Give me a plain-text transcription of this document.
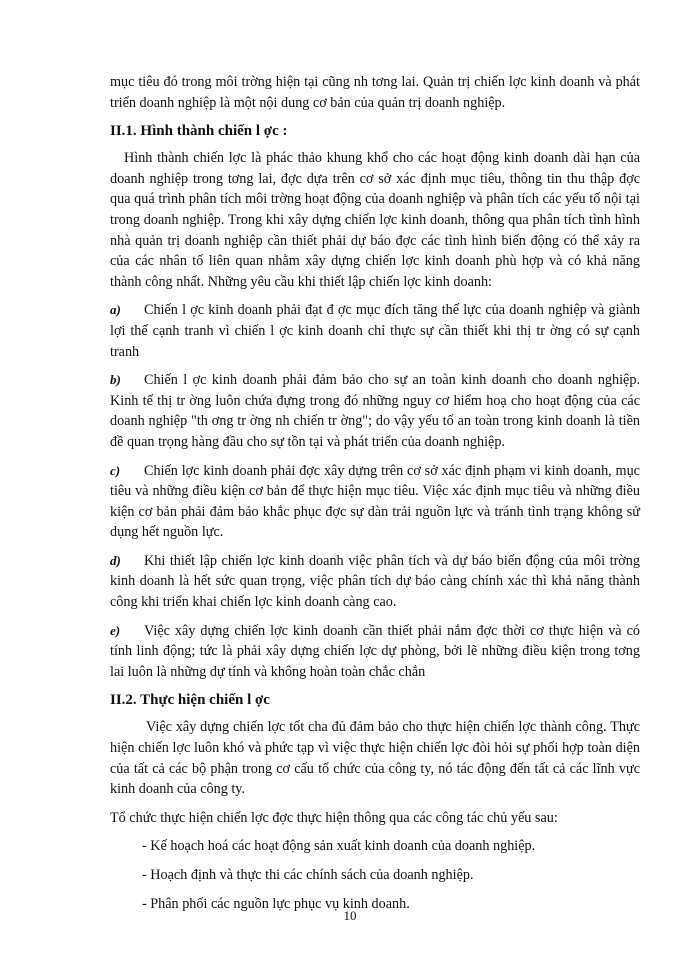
mục tiêu đó trong môi trờng hiện tại cũng nh tơng lai. Quản trị chiến lợc kinh doanh và phát triển doanh nghiệp là một nội dung cơ bản của quản trị doanh nghiệp.

II.1. Hình thành chiến l ợc :

Hình thành chiến lợc là phác thảo khung khổ cho các hoạt động kinh doanh dài hạn của doanh nghiệp trong tơng lai, đợc dựa trên cơ sở xác định mục tiêu, thông tin thu thập đợc qua quá trình phân tích môi trờng hoạt động của doanh nghiệp và phân tích các yếu tố nội tại trong doanh nghiệp. Trong khi xây dựng chiến lợc kinh doanh, thông qua phân tích tình hình nhà quản trị doanh nghiệp cần thiết phải dự báo đợc các tình hình biến động có thể xảy ra của các nhân tố liên quan nhằm xây dựng chiến lợc kinh doanh phù hợp và có khả năng thành công nhất. Những yêu cầu khi thiết lập chiến lợc kinh doanh:

a) Chiến l ợc kinh doanh phải đạt đ ợc mục đích tăng thế lực của doanh nghiệp và giành lợi thế cạnh tranh vì chiến l ợc kinh doanh chỉ thực sự cần thiết khi thị tr ờng có sự cạnh tranh
b) Chiến l ợc kinh doanh phải đảm bảo cho sự an toàn kinh doanh cho doanh nghiệp. Kinh tế thị tr ờng luôn chứa đựng trong đó những nguy cơ hiểm hoạ cho hoạt động của các doanh nghiệp "th ơng tr ờng nh chiến tr ờng"; do vậy yếu tố an toàn trong kinh doanh là tiền đề quan trọng hàng đầu cho sự tồn tại và phát triển của doanh nghiệp.
c) Chiến lợc kinh doanh phải đợc xây dựng trên cơ sở xác định phạm vi kinh doanh, mục tiêu và những điều kiện cơ bản để thực hiện mục tiêu. Việc xác định mục tiêu và những điều kiện cơ bản phải đảm bảo khắc phục đợc sự dàn trải nguồn lực và tránh tình trạng không sử dụng hết nguồn lực.
d) Khi thiết lập chiến lợc kinh doanh việc phân tích và dự báo biến động của môi trờng kinh doanh là hết sức quan trọng, việc phân tích dự báo càng chính xác thì khả năng thành công khi triển khai chiến lợc kinh doanh càng cao.
e) Việc xây dựng chiến lợc kinh doanh cần thiết phải nắm đợc thời cơ thực hiện và có tính linh động; tức là phải xây dựng chiến lợc dự phòng, bởi lẽ những điều kiện trong tơng lai luôn là những dự tính và không hoàn toàn chắc chắn
II.2. Thực hiện chiến l ợc

Việc xây dựng chiến lợc tốt cha đủ đảm bảo cho thực hiện chiến lợc thành công. Thực hiện chiến lợc luôn khó và phức tạp vì việc thực hiện chiến lợc đòi hỏi sự phối hợp toàn diện của tất cả các bộ phận trong cơ cấu tổ chức của công ty, nó tác động đến tất cả các lĩnh vực kinh doanh của công ty.

Tổ chức thực hiện chiến lợc đợc thực hiện thông qua các công tác chủ yếu sau:

- Kế hoạch hoá các hoạt động sản xuất kinh doanh của doanh nghiệp.

- Hoạch định và thực thi các chính sách của doanh nghiệp.

- Phân phối các nguồn lực phục vụ kinh doanh.

10
